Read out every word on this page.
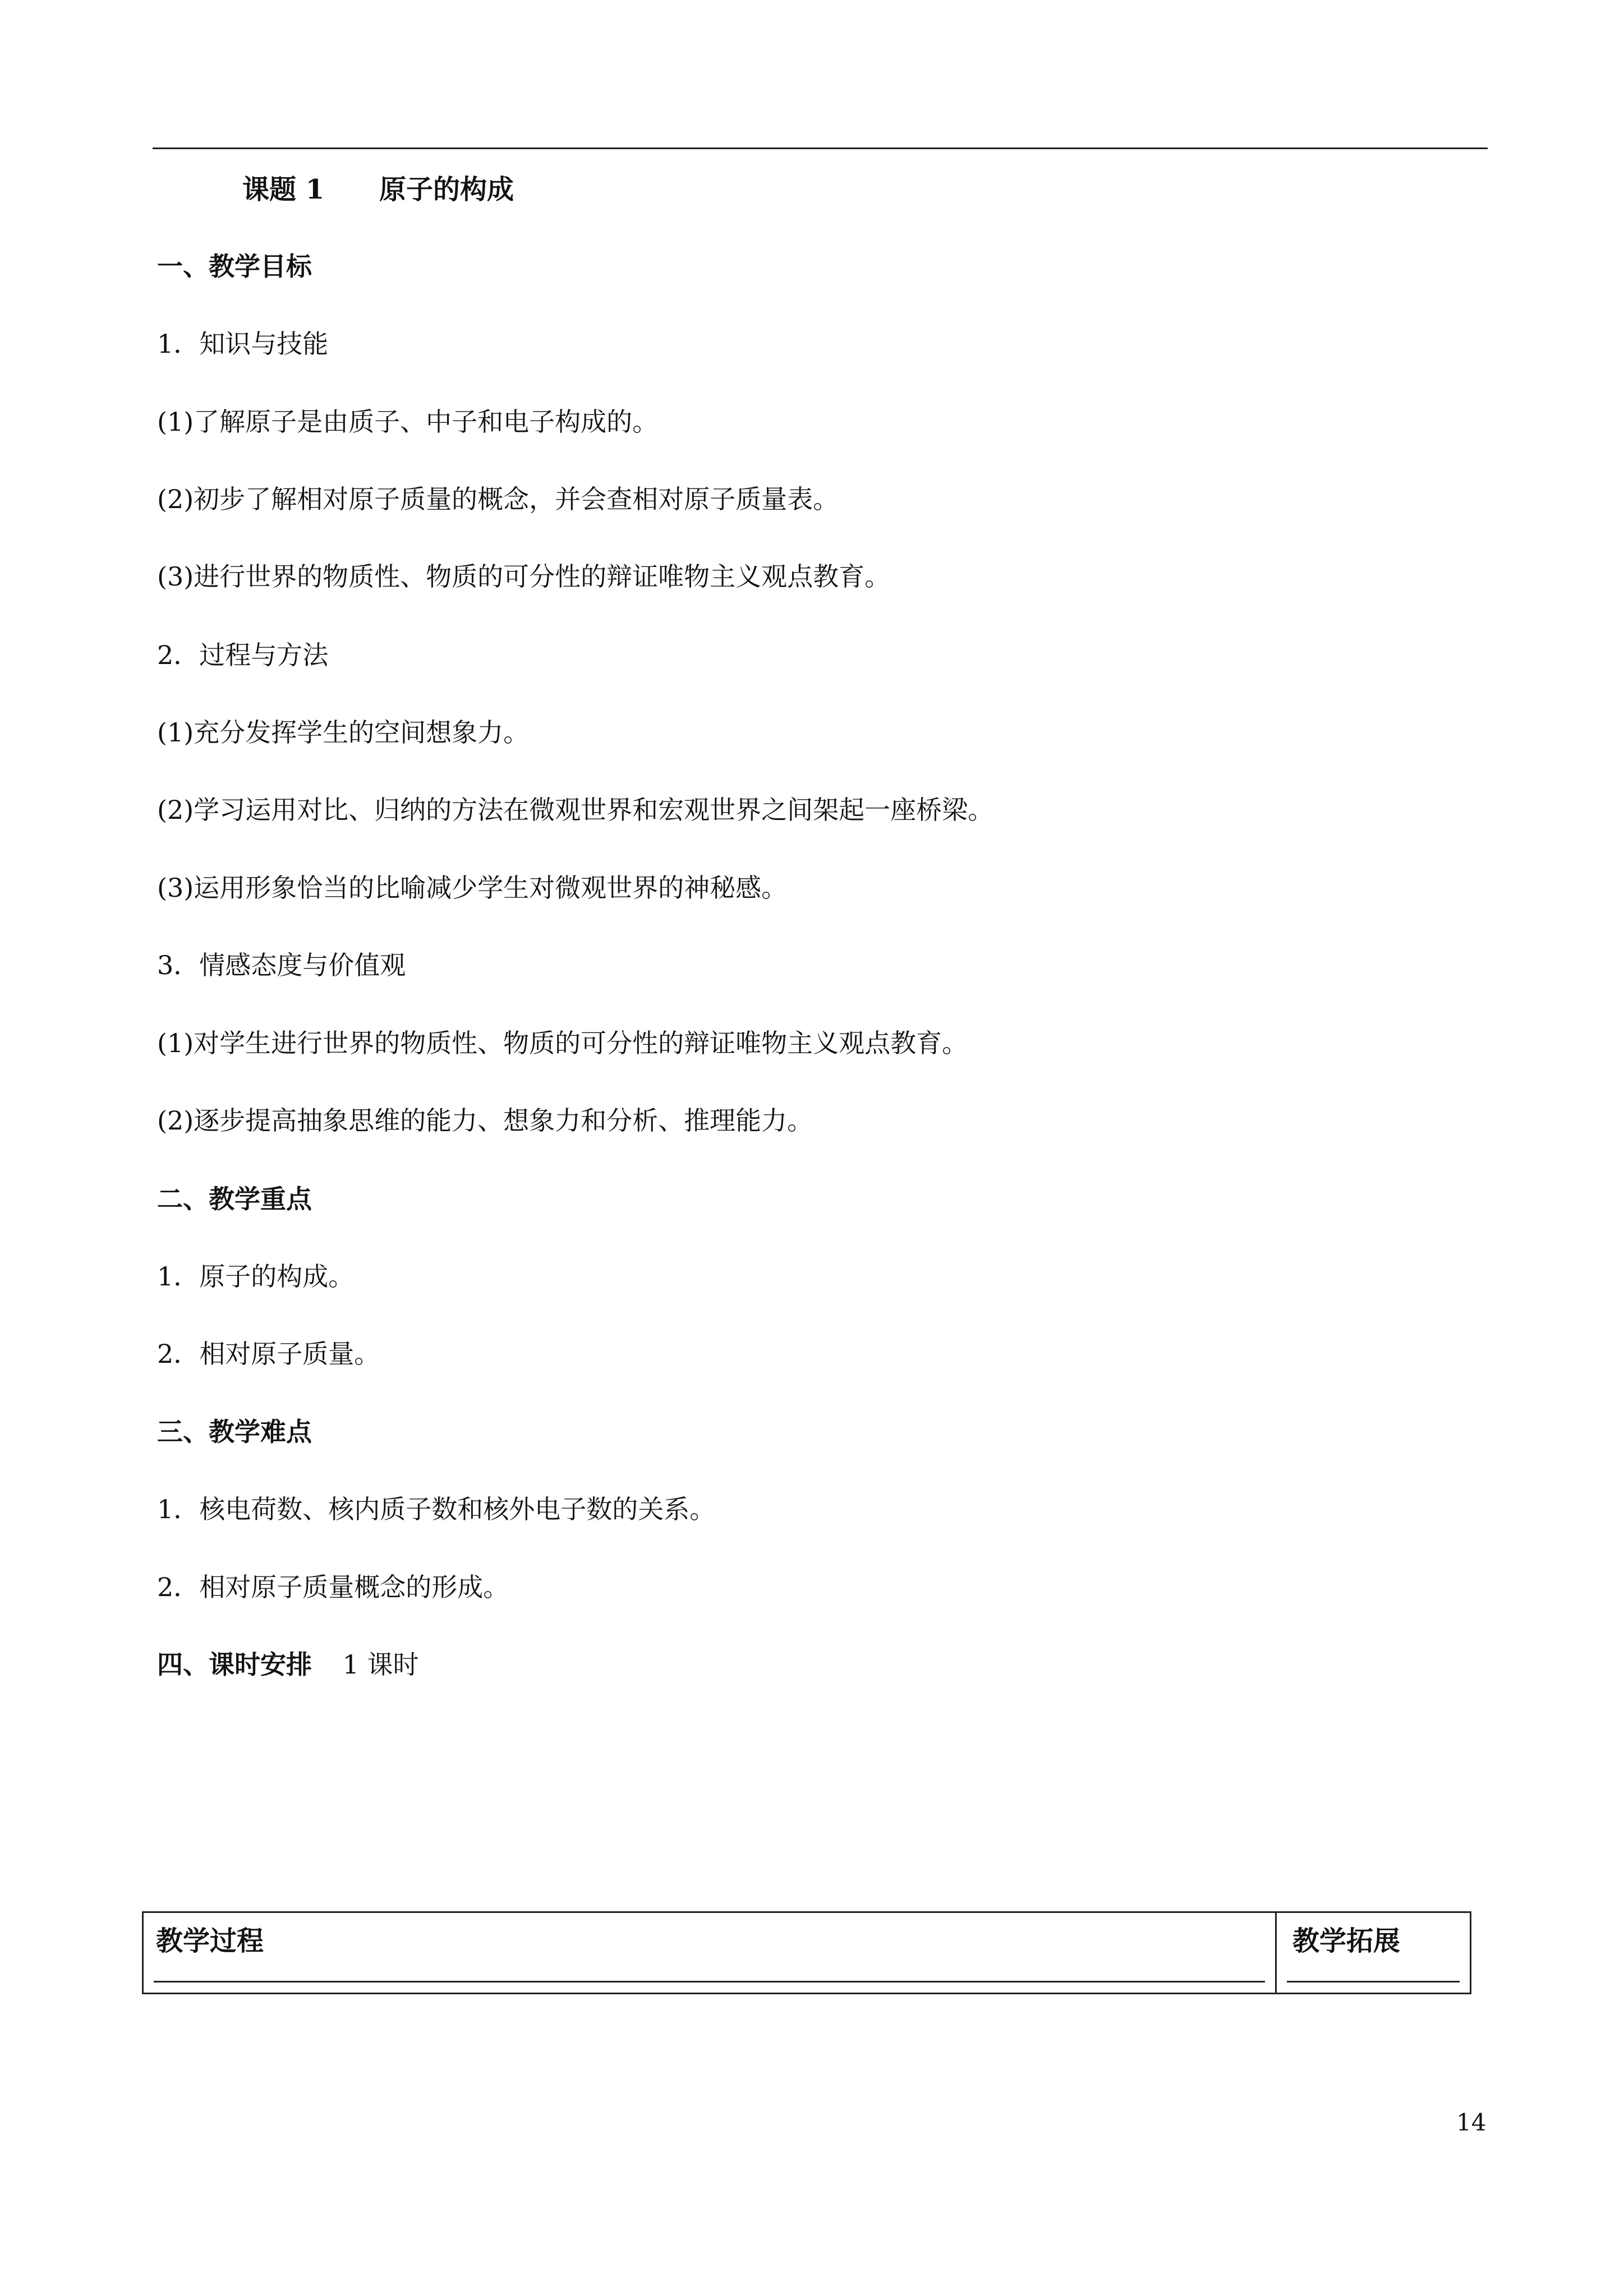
课题 1 原子的构成
一、教学目标
1．知识与技能
(1)了解原子是由质子、中子和电子构成的。
(2)初步了解相对原子质量的概念，并会查相对原子质量表。
(3)进行世界的物质性、物质的可分性的辩证唯物主义观点教育。
2．过程与方法
(1)充分发挥学生的空间想象力。
(2)学习运用对比、归纳的方法在微观世界和宏观世界之间架起一座桥梁。
(3)运用形象恰当的比喻减少学生对微观世界的神秘感。
3．情感态度与价值观
(1)对学生进行世界的物质性、物质的可分性的辩证唯物主义观点教育。
(2)逐步提高抽象思维的能力、想象力和分析、推理能力。
二、教学重点
1．原子的构成。
2．相对原子质量。
三、教学难点
1．核电荷数、核内质子数和核外电子数的关系。
2．相对原子质量概念的形成。
四、课时安排 1 课时
教学过程	教学拓展
14
